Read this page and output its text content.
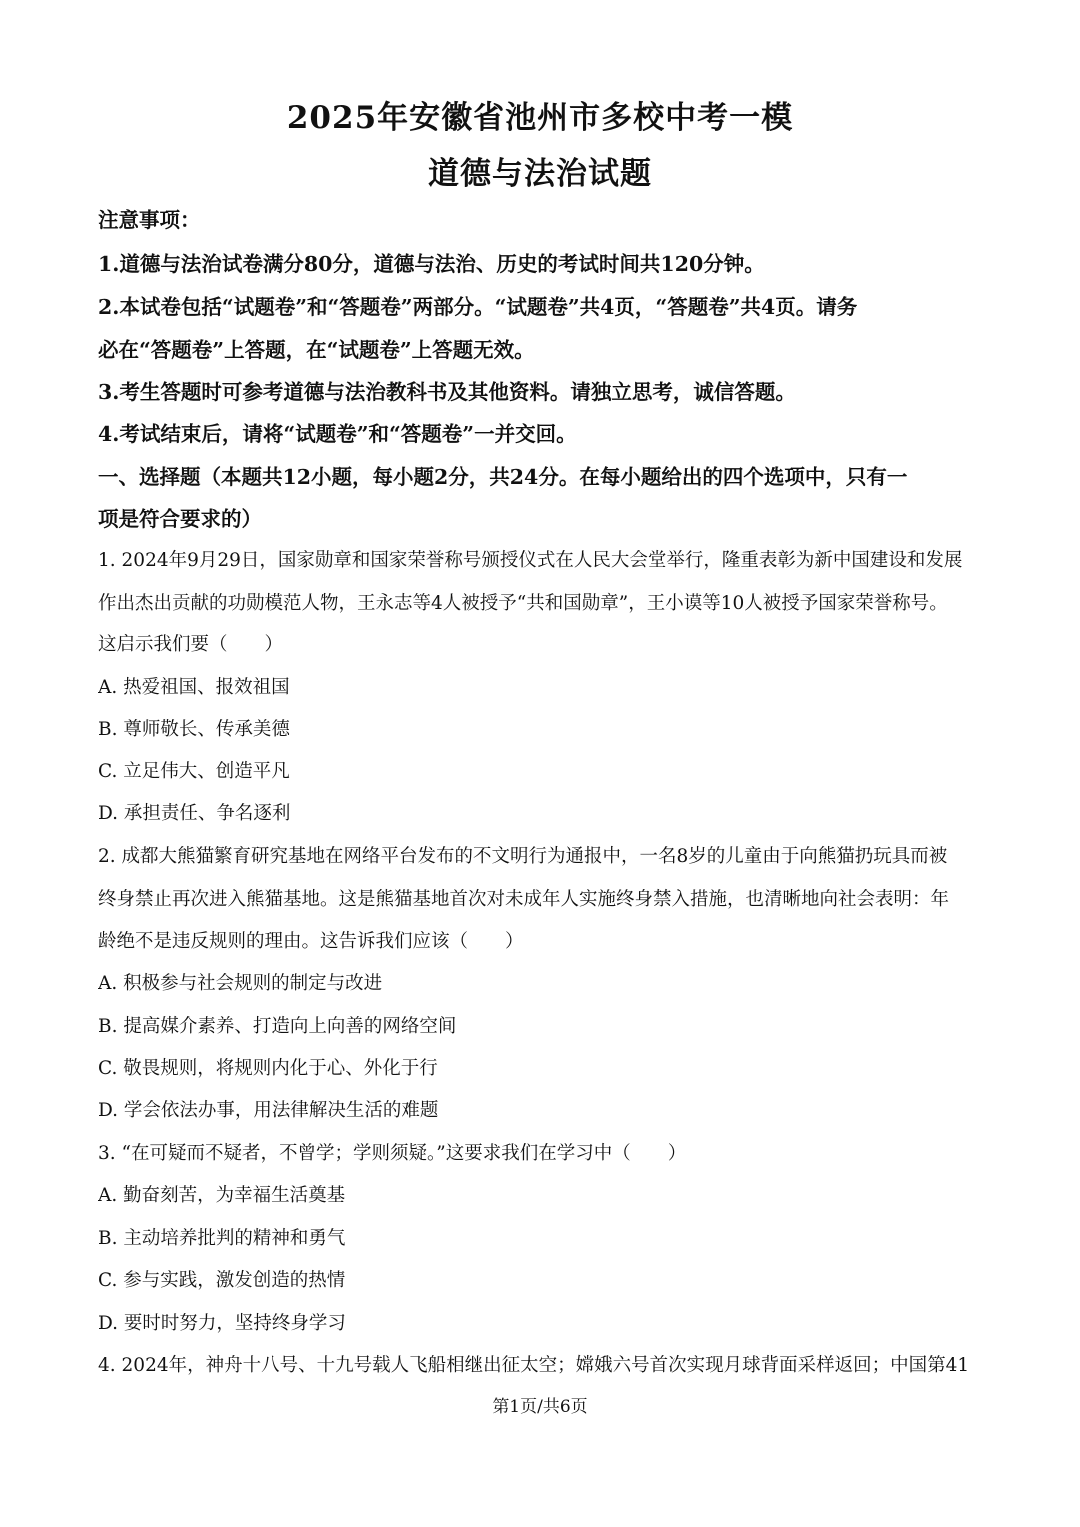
2025年安徽省池州市多校中考一模
道德与法治试题
注意事项：
1.道德与法治试卷满分80分，道德与法治、历史的考试时间共120分钟。
2.本试卷包括“试题卷”和“答题卷”两部分。“试题卷”共4页，“答题卷”共4页。请务
必在“答题卷”上答题，在“试题卷”上答题无效。
3.考生答题时可参考道德与法治教科书及其他资料。请独立思考，诚信答题。
4.考试结束后，请将“试题卷”和“答题卷”一并交回。
一、选择题（本题共12小题，每小题2分，共24分。在每小题给出的四个选项中，只有一
项是符合要求的）
1. 2024年9月29日，国家勋章和国家荣誉称号颁授仪式在人民大会堂举行，隆重表彰为新中国建设和发展
作出杰出贡献的功勋模范人物，王永志等4人被授予“共和国勋章”，王小谟等10人被授予国家荣誉称号。
这启示我们要（　　）
A. 热爱祖国、报效祖国
B. 尊师敬长、传承美德
C. 立足伟大、创造平凡
D. 承担责任、争名逐利
2. 成都大熊猫繁育研究基地在网络平台发布的不文明行为通报中，一名8岁的儿童由于向熊猫扔玩具而被
终身禁止再次进入熊猫基地。这是熊猫基地首次对未成年人实施终身禁入措施，也清晰地向社会表明：年
龄绝不是违反规则的理由。这告诉我们应该（　　）
A. 积极参与社会规则的制定与改进
B. 提高媒介素养、打造向上向善的网络空间
C. 敬畏规则，将规则内化于心、外化于行
D. 学会依法办事，用法律解决生活的难题
3. “在可疑而不疑者，不曾学；学则须疑。”这要求我们在学习中（　　）
A. 勤奋刻苦，为幸福生活奠基
B. 主动培养批判的精神和勇气
C. 参与实践，激发创造的热情
D. 要时时努力，坚持终身学习
4. 2024年，神舟十八号、十九号载人飞船相继出征太空；嫦娥六号首次实现月球背面采样返回；中国第41
第1页/共6页
